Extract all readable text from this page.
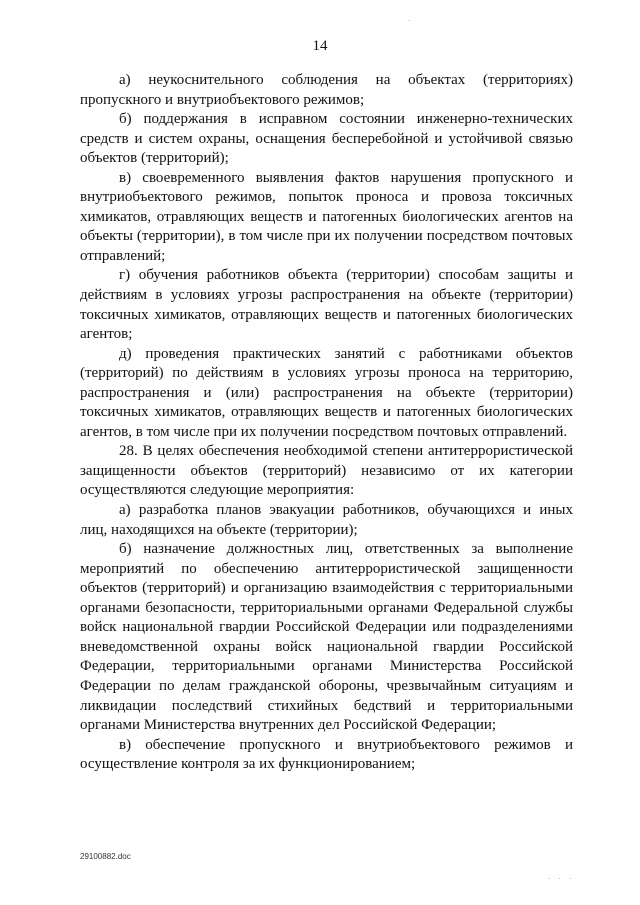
14

а) неукоснительного соблюдения на объектах (территориях) пропускного и внутриобъектового режимов;

б) поддержания в исправном состоянии инженерно-технических средств и систем охраны, оснащения бесперебойной и устойчивой связью объектов (территорий);

в) своевременного выявления фактов нарушения пропускного и внутриобъектового режимов, попыток проноса и провоза токсичных химикатов, отравляющих веществ и патогенных биологических агентов на объекты (территории), в том числе при их получении посредством почтовых отправлений;

г) обучения работников объекта (территории) способам защиты и действиям в условиях угрозы распространения на объекте (территории) токсичных химикатов, отравляющих веществ и патогенных биологических агентов;

д) проведения практических занятий с работниками объектов (территорий) по действиям в условиях угрозы проноса на территорию, распространения и (или) распространения на объекте (территории) токсичных химикатов, отравляющих веществ и патогенных биологических агентов, в том числе при их получении посредством почтовых отправлений.

28. В целях обеспечения необходимой степени антитеррористической защищенности объектов (территорий) независимо от их категории осуществляются следующие мероприятия:

а) разработка планов эвакуации работников, обучающихся и иных лиц, находящихся на объекте (территории);

б) назначение должностных лиц, ответственных за выполнение мероприятий по обеспечению антитеррористической защищенности объектов (территорий) и организацию взаимодействия с территориальными органами безопасности, территориальными органами Федеральной службы войск национальной гвардии Российской Федерации или подразделениями вневедомственной охраны войск национальной гвардии Российской Федерации, территориальными органами Министерства Российской Федерации по делам гражданской обороны, чрезвычайным ситуациям и ликвидации последствий стихийных бедствий и территориальными органами Министерства внутренних дел Российской Федерации;

в) обеспечение пропускного и внутриобъектового режимов и осуществление контроля за их функционированием;

29100882.doc
.
. . .
